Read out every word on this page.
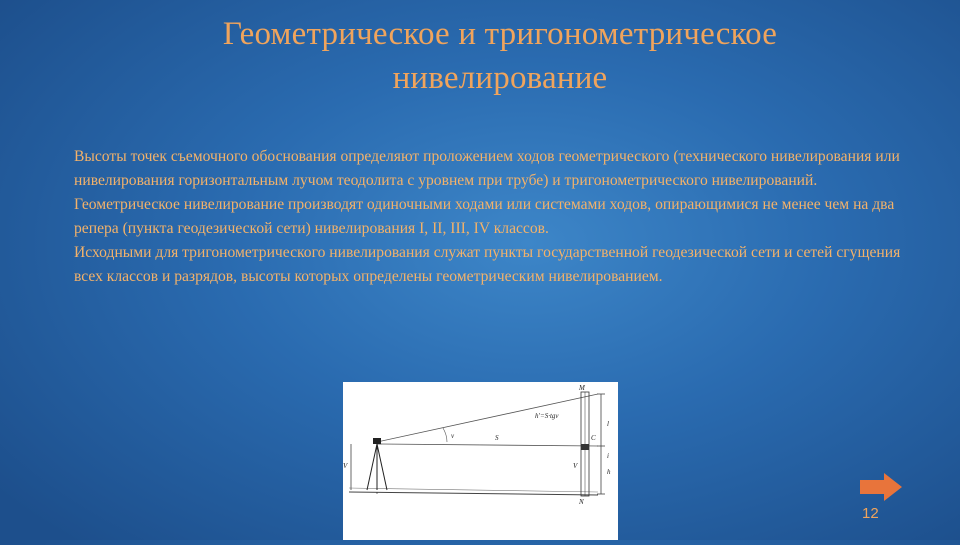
Геометрическое и тригонометрическое
нивелирование

Высоты точек съемочного обоснования определяют проложением ходов геометрического (технического нивелирования или нивелирования горизонтальным лучом теодолита с уровнем при трубе) и тригонометрического нивелирований.

Геометрическое нивелирование производят одиночными ходами или системами ходов, опирающимися не менее чем на два репера (пункта геодезической сети) нивелирования I, II, III, IV классов.

Исходными для тригонометрического нивелирования служат пункты государственной геодезической сети и сетей сгущения всех классов и разрядов, высоты которых определены геометрическим нивелированием.

M
h'=S·tgν
l
ν	S	C
i
V	V
h
N
12
